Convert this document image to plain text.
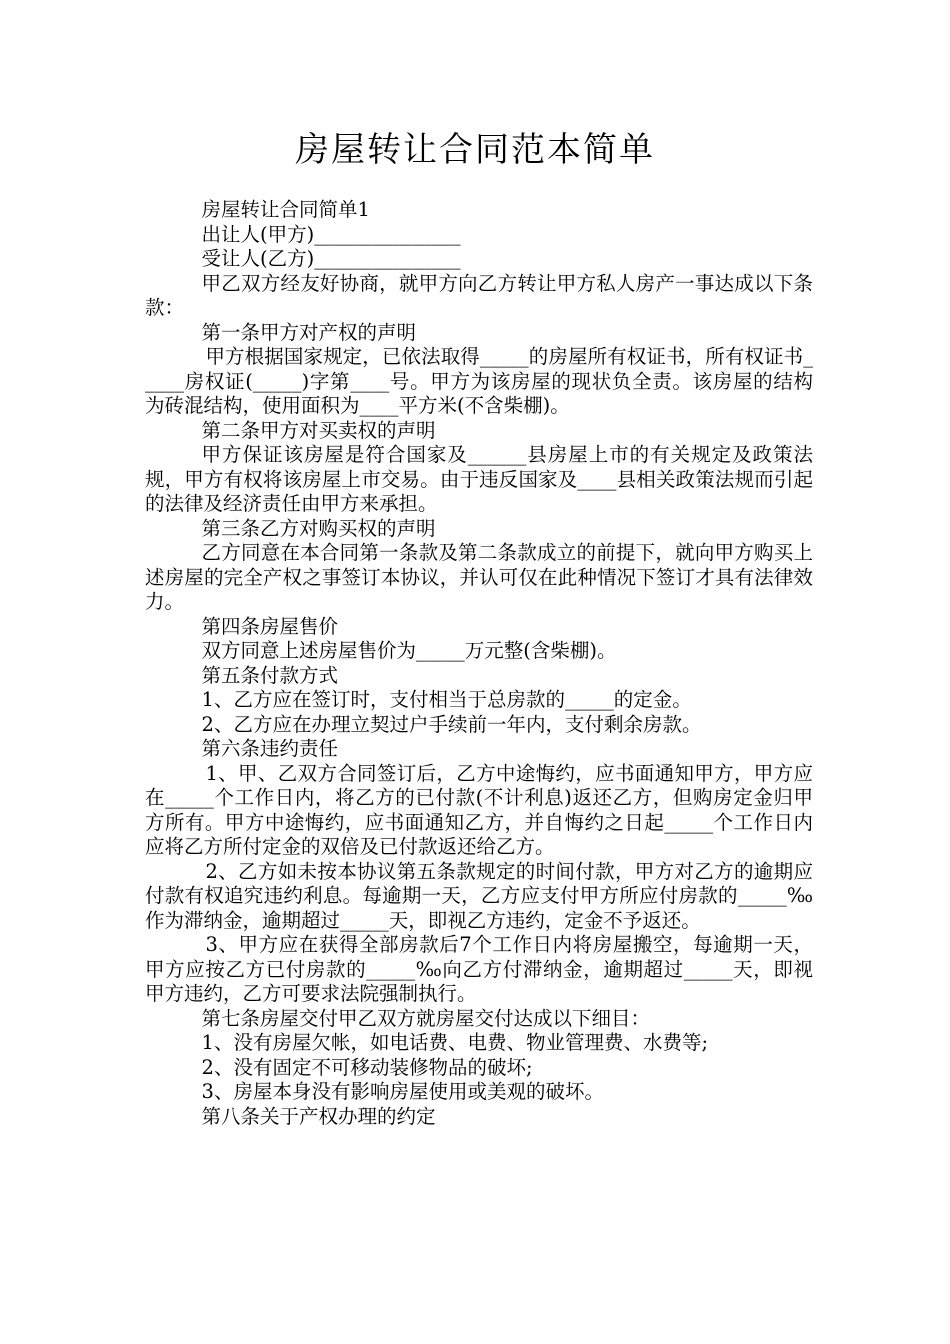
房屋转让合同范本简单

房屋转让合同简单1

出让人(甲方)_______________

受让人(乙方)_______________

甲乙双方经友好协商，就甲方向乙方转让甲方私人房产一事达成以下条款：

第一条甲方对产权的声明

甲方根据国家规定，已依法取得_____的房屋所有权证书，所有权证书_____房权证(_____)字第____号。甲方为该房屋的现状负全责。该房屋的结构为砖混结构，使用面积为____平方米(不含柴棚)。

第二条甲方对买卖权的声明

甲方保证该房屋是符合国家及______县房屋上市的有关规定及政策法规，甲方有权将该房屋上市交易。由于违反国家及____县相关政策法规而引起的法律及经济责任由甲方来承担。

第三条乙方对购买权的声明

乙方同意在本合同第一条款及第二条款成立的前提下，就向甲方购买上述房屋的完全产权之事签订本协议，并认可仅在此种情况下签订才具有法律效力。

第四条房屋售价

双方同意上述房屋售价为_____万元整(含柴棚)。

第五条付款方式

1、乙方应在签订时，支付相当于总房款的_____的定金。

2、乙方应在办理立契过户手续前一年内，支付剩余房款。

第六条违约责任

1、甲、乙双方合同签订后，乙方中途悔约，应书面通知甲方，甲方应在_____个工作日内，将乙方的已付款(不计利息)返还乙方，但购房定金归甲方所有。甲方中途悔约，应书面通知乙方，并自悔约之日起_____个工作日内应将乙方所付定金的双倍及已付款返还给乙方。

2、乙方如未按本协议第五条款规定的时间付款，甲方对乙方的逾期应付款有权追究违约利息。每逾期一天，乙方应支付甲方所应付房款的_____‰作为滞纳金，逾期超过_____天，即视乙方违约，定金不予返还。

3、甲方应在获得全部房款后7个工作日内将房屋搬空，每逾期一天，甲方应按乙方已付房款的_____‰向乙方付滞纳金，逾期超过_____天，即视甲方违约，乙方可要求法院强制执行。

第七条房屋交付甲乙双方就房屋交付达成以下细目：

1、没有房屋欠帐，如电话费、电费、物业管理费、水费等;

2、没有固定不可移动装修物品的破坏;

3、房屋本身没有影响房屋使用或美观的破坏。

第八条关于产权办理的约定
